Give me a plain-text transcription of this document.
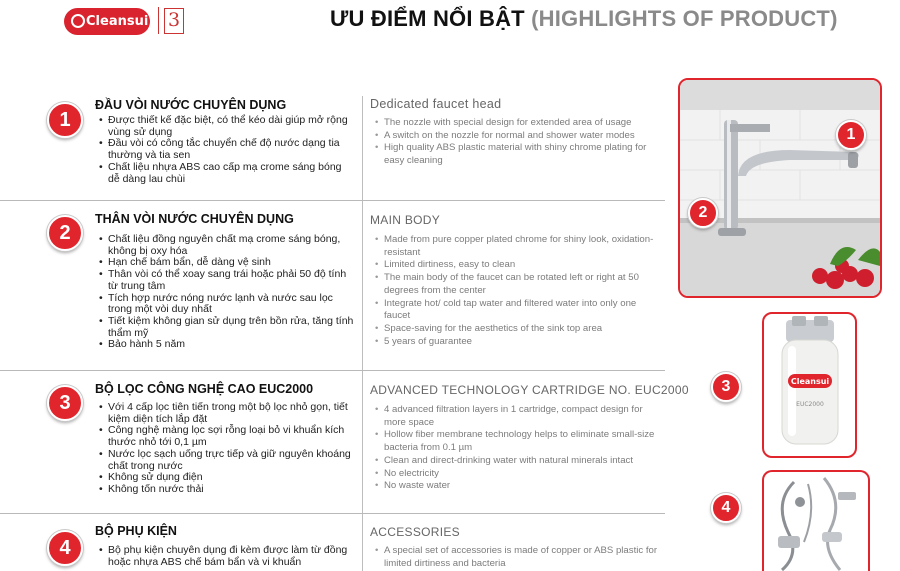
Cleansui 3	ƯU ĐIỂM NỔI BẬT (HIGHLIGHTS OF PRODUCT)
1
ĐẦU VÒI NƯỚC CHUYÊN DỤNG
• Được thiết kế đặc biệt, có thể kéo dài giúp mở rộng vùng sử dụng
• Đầu vòi có công tắc chuyển chế độ nước dạng tia thường và tia sen
• Chất liệu nhựa ABS cao cấp mạ crome sáng bóng dễ dàng lau chùi
Dedicated faucet head
• The nozzle with special design for extended area of usage
• A switch on the nozzle for normal and shower water modes
• High quality ABS plastic material with shiny chrome plating for easy cleaning
2
THÂN VÒI NƯỚC CHUYÊN DỤNG
• Chất liệu đồng nguyên chất mạ crome sáng bóng, không bị oxy hóa
• Hạn chế bám bẩn, dễ dàng vệ sinh
• Thân vòi có thể xoay sang trái hoặc phải 50 độ tính từ trung tâm
• Tích hợp nước nóng nước lạnh và nước sau lọc trong một vòi duy nhất
• Tiết kiệm không gian sử dụng trên bồn rửa, tăng tính thẩm mỹ
• Bảo hành 5 năm
MAIN BODY
• Made from pure copper plated chrome for shiny look, oxidation-resistant
• Limited dirtiness, easy to clean
• The main body of the faucet can be rotated left or right at 50 degrees from the center
• Integrate hot/ cold tap water and filtered water into only one faucet
• Space-saving for the aesthetics of the sink top area
• 5 years of guarantee
3
BỘ LỌC CÔNG NGHỆ CAO EUC2000
• Với 4 cấp lọc tiên tiến trong một bộ lọc nhỏ gọn, tiết kiệm diện tích lắp đặt
• Công nghệ màng lọc sợi rỗng loại bỏ vi khuẩn kích thước nhỏ tới 0,1 µm
• Nước lọc sạch uống trực tiếp và giữ nguyên khoáng chất trong nước
• Không sử dụng điện
• Không tốn nước thải
ADVANCED TECHNOLOGY CARTRIDGE NO. EUC2000
• 4 advanced filtration layers in 1 cartridge, compact design for more space
• Hollow fiber membrane technology helps to eliminate small-size bacteria from 0.1 µm
• Clean and direct-drinking water with natural minerals intact
• No electricity
• No waste water
4
BỘ PHỤ KIỆN
• Bộ phụ kiện chuyên dụng đi kèm được làm từ đồng hoặc nhựa ABS chế bám bẩn và vi khuẩn
ACCESSORIES
• A special set of accessories is made of copper or ABS plastic for limited dirtiness and bacteria
1
2
Cleansui
EUC2000
3
4
